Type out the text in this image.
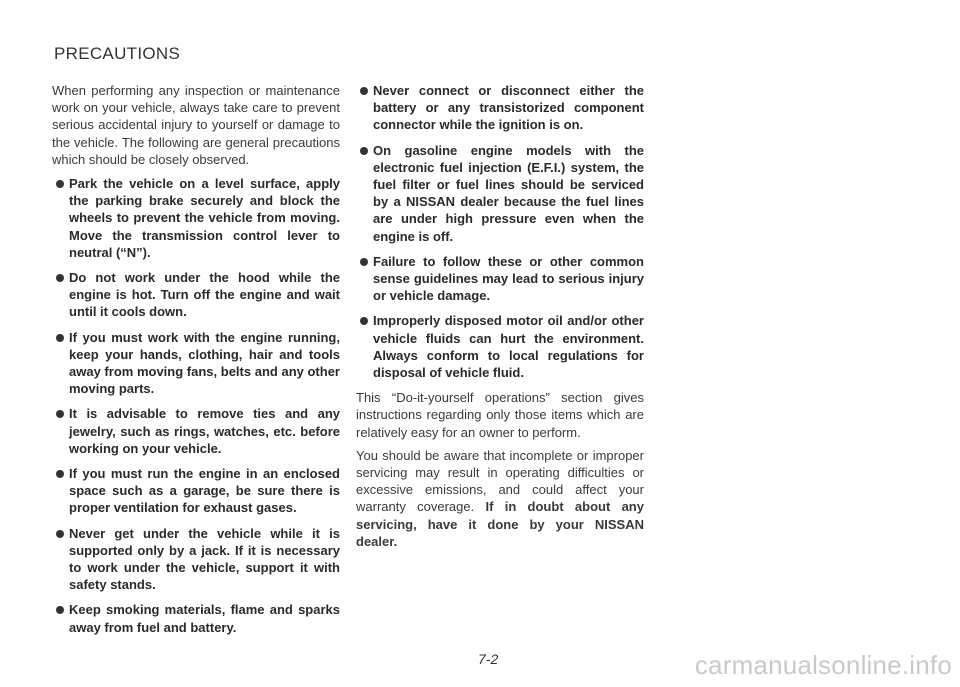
PRECAUTIONS

When performing any inspection or maintenance work on your vehicle, always take care to prevent serious accidental injury to yourself or damage to the vehicle. The following are general precautions which should be closely observed.

Park the vehicle on a level surface, apply the parking brake securely and block the wheels to prevent the vehicle from moving. Move the transmission control lever to neutral (“N”).
Do not work under the hood while the engine is hot. Turn off the engine and wait until it cools down.
If you must work with the engine running, keep your hands, clothing, hair and tools away from moving fans, belts and any other moving parts.
It is advisable to remove ties and any jewelry, such as rings, watches, etc. before working on your vehicle.
If you must run the engine in an enclosed space such as a garage, be sure there is proper ventilation for exhaust gases.
Never get under the vehicle while it is supported only by a jack. If it is necessary to work under the vehicle, support it with safety stands.
Keep smoking materials, flame and sparks away from fuel and battery.
Never connect or disconnect either the battery or any transistorized component connector while the ignition is on.
On gasoline engine models with the electronic fuel injection (E.F.I.) system, the fuel filter or fuel lines should be serviced by a NISSAN dealer because the fuel lines are under high pressure even when the engine is off.
Failure to follow these or other common sense guidelines may lead to serious injury or vehicle damage.
Improperly disposed motor oil and/or other vehicle fluids can hurt the environment. Always conform to local regulations for disposal of vehicle fluid.

This “Do-it-yourself operations” section gives instructions regarding only those items which are relatively easy for an owner to perform.

You should be aware that incomplete or improper servicing may result in operating difficulties or excessive emissions, and could affect your warranty coverage. If in doubt about any servicing, have it done by your NISSAN dealer.

7-2	carmanualsonline.info
